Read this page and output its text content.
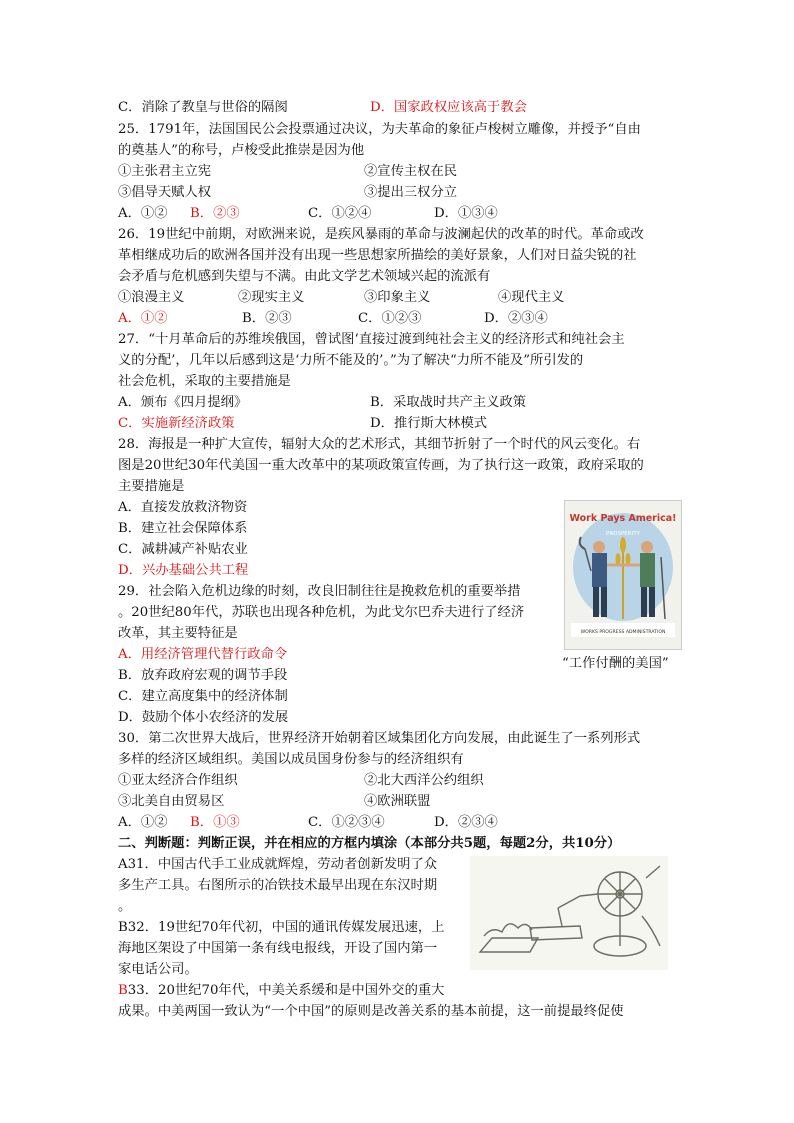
C．消除了教皇与世俗的隔阂	D．国家政权应该高于教会
25．1791年，法国国民公会投票通过决议，为夫革命的象征卢梭树立雕像，并授予“自由
的奠基人”的称号，卢梭受此推崇是因为他
①主张君主立宪	②宣传主权在民
③倡导天赋人权	③提出三权分立
A．①② B．②③	C．①②④	D．①③④
26．19世纪中前期，对欧洲来说，是疾风暴雨的革命与波澜起伏的改革的时代。革命或改
革相继成功后的欧洲各国并没有出现一些思想家所描绘的美好景象，人们对日益尖锐的社
会矛盾与危机感到失望与不满。由此文学艺术领域兴起的流派有
①浪漫主义	②现实主义	③印象主义	④现代主义
A．①②	B．②③	C．①②③	D．②③④
27．“十月革命后的苏维埃俄国，曾试图‘直接过渡到纯社会主义的经济形式和纯社会主
义的分配’，几年以后感到这是‘力所不能及的’。”为了解决“力所不能及”所引发的
社会危机，采取的主要措施是
A．颁布《四月提纲》	B．采取战时共产主义政策
C．实施新经济政策	D．推行斯大林模式
28．海报是一种扩大宣传，辐射大众的艺术形式，其细节折射了一个时代的风云变化。右
图是20世纪30年代美国一重大改革中的某项政策宣传画，为了执行这一政策，政府采取的
主要措施是
A．直接发放救济物资
B．建立社会保障体系
C．减耕减产补贴农业
D．兴办基础公共工程
Work Pays America!
PROSPERITY
WORKS PROGRESS ADMINISTRATION
“工作付酬的美国”
29．社会陷入危机边缘的时刻，改良旧制往往是挽救危机的重要举措
。20世纪80年代，苏联也出现各种危机，为此戈尔巴乔夫进行了经济
改革，其主要特征是
A．用经济管理代替行政命令
B．放弃政府宏观的调节手段
C．建立高度集中的经济体制
D．鼓励个体小农经济的发展
30．第二次世界大战后，世界经济开始朝着区域集团化方向发展，由此诞生了一系列形式
多样的经济区域组织。美国以成员国身份参与的经济组织有
①亚太经济合作组织	②北大西洋公约组织
③北美自由贸易区	④欧洲联盟
A．①② B．①③	C．①②③④	D．②③④
二、判断题：判断正误，并在相应的方框内填涂（本部分共5题，每题2分，共10分）
A31．中国古代手工业成就辉煌，劳动者创新发明了众
多生产工具。右图所示的冶铁技术最早出现在东汉时期
。
B32．19世纪70年代初，中国的通讯传媒发展迅速，上
海地区架设了中国第一条有线电报线，开设了国内第一
家电话公司。
B33．20世纪70年代，中美关系缓和是中国外交的重大
成果。中美两国一致认为“一个中国”的原则是改善关系的基本前提，这一前提最终促使
